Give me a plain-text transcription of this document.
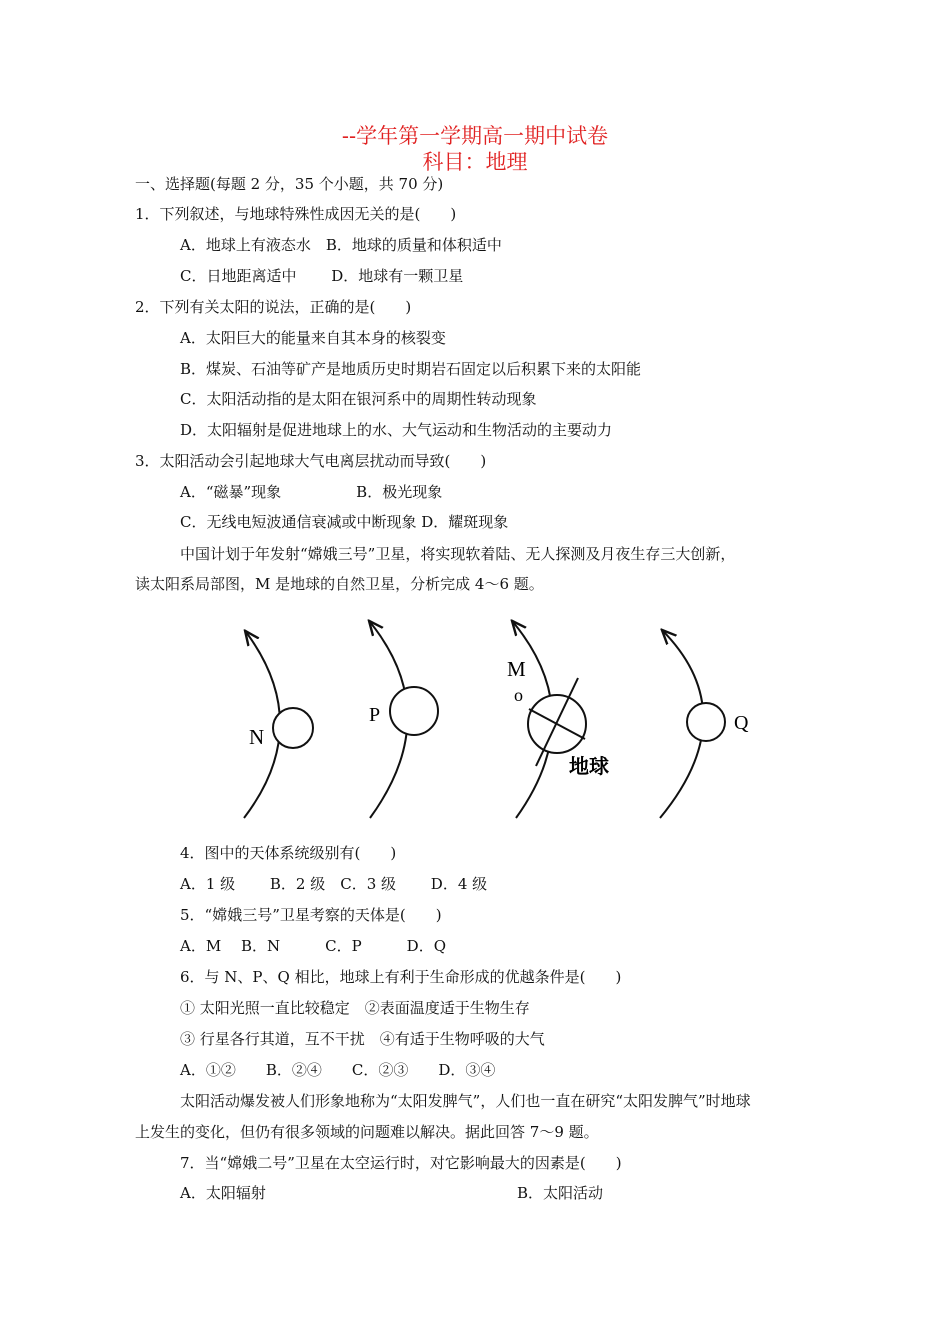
--学年第一学期高一期中试卷
科目：地理
一、选择题(每题 2 分，35 个小题，共 70 分)
1．下列叙述，与地球特殊性成因无关的是(　　)
A．地球上有液态水　B．地球的质量和体积适中
C．日地距离适中　　 D．地球有一颗卫星
2．下列有关太阳的说法，正确的是(　　)
A．太阳巨大的能量来自其本身的核裂变
B．煤炭、石油等矿产是地质历史时期岩石固定以后积累下来的太阳能
C．太阳活动指的是太阳在银河系中的周期性转动现象
D．太阳辐射是促进地球上的水、大气运动和生物活动的主要动力
3．太阳活动会引起地球大气电离层扰动而导致(　　)
A．“磁暴”现象　　　　　B．极光现象
C．无线电短波通信衰减或中断现象 D．耀斑现象
中国计划于年发射“嫦娥三号”卫星，将实现软着陆、无人探测及月夜生存三大创新，
读太阳系局部图，M 是地球的自然卫星，分析完成 4～6 题。
N
P
M
o
地球
Q
4．图中的天体系统级别有(　　)
A．1 级　　 B．2 级　C．3 级　　 D．4 级
5．“嫦娥三号”卫星考察的天体是(　　)
A．M　 B．N　　　C．P　　　D．Q
6．与 N、P、Q 相比，地球上有利于生命形成的优越条件是(　　)
① 太阳光照一直比较稳定　②表面温度适于生物生存
③ 行星各行其道，互不干扰　④有适于生物呼吸的大气
A．①②　　B．②④　　C．②③　　D．③④
太阳活动爆发被人们形象地称为“太阳发脾气”，人们也一直在研究“太阳发脾气”时地球
上发生的变化，但仍有很多领域的问题难以解决。据此回答 7～9 题。
7．当“嫦娥二号”卫星在太空运行时，对它影响最大的因素是(　　)
A．太阳辐射	B．太阳活动
